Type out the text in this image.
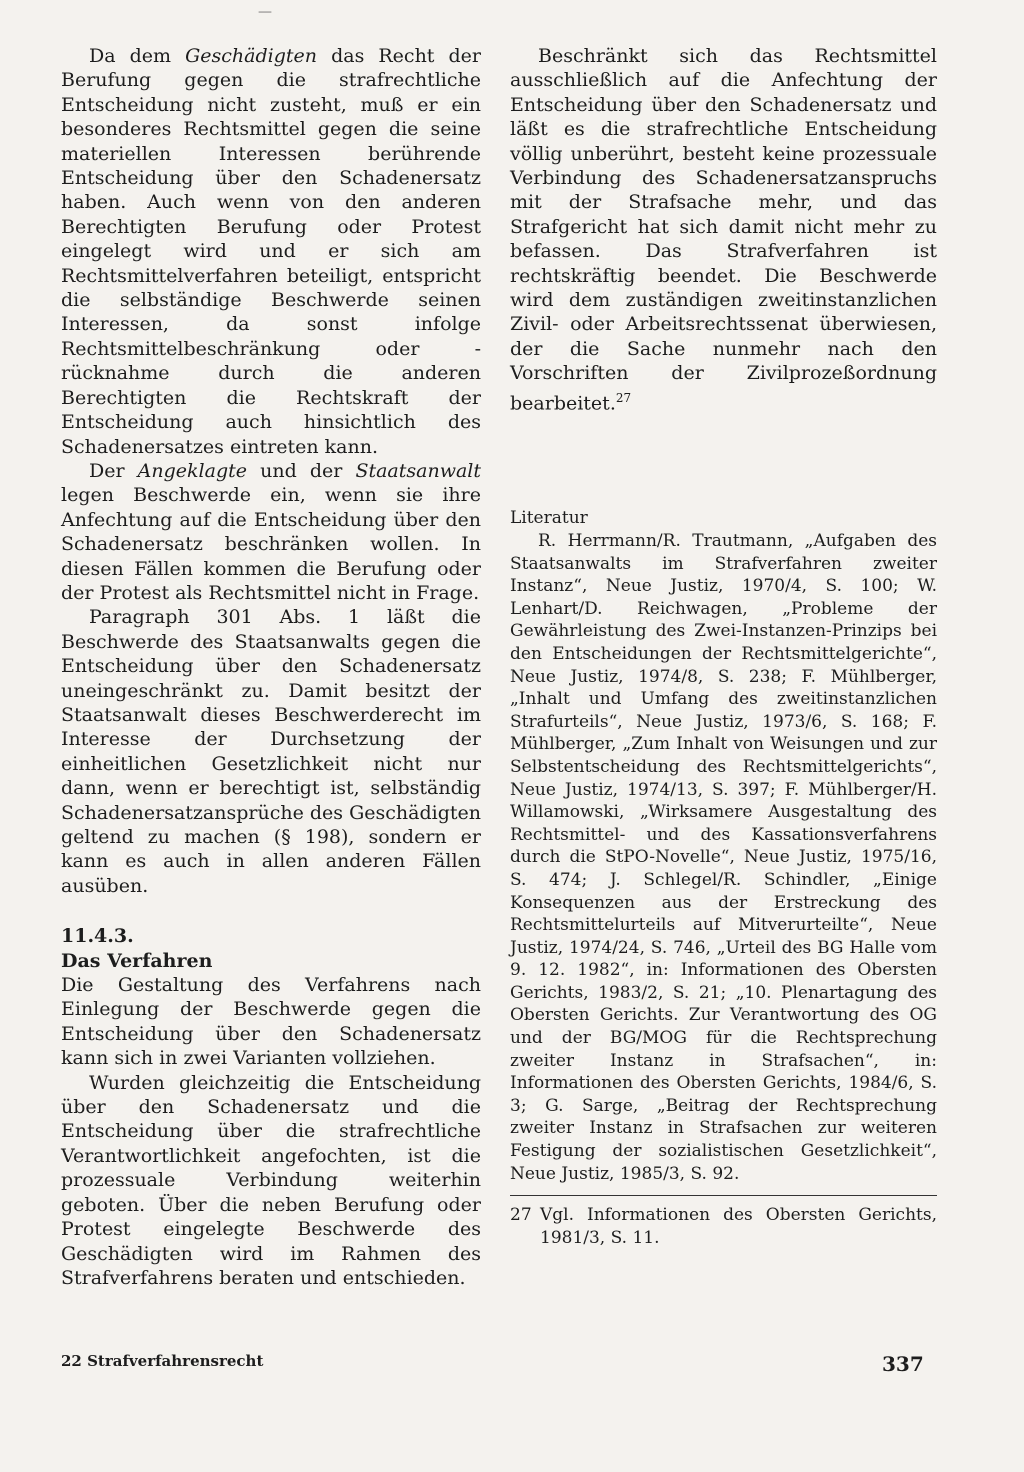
—

Da dem Geschädigten das Recht der Berufung gegen die strafrechtliche Entscheidung nicht zusteht, muß er ein besonderes Rechtsmittel gegen die seine materiellen Interessen berührende Entscheidung über den Schadenersatz haben. Auch wenn von den anderen Berechtigten Berufung oder Protest eingelegt wird und er sich am Rechtsmittelverfahren beteiligt, entspricht die selbständige Beschwerde seinen Interessen, da sonst infolge Rechtsmittelbeschränkung oder -rücknahme durch die anderen Berechtigten die Rechtskraft der Entscheidung auch hinsichtlich des Schadenersatzes eintreten kann.

Der Angeklagte und der Staatsanwalt legen Beschwerde ein, wenn sie ihre Anfechtung auf die Entscheidung über den Schadenersatz beschränken wollen. In diesen Fällen kommen die Berufung oder der Protest als Rechtsmittel nicht in Frage.

Paragraph 301 Abs. 1 läßt die Beschwerde des Staatsanwalts gegen die Entscheidung über den Schadenersatz uneingeschränkt zu. Damit besitzt der Staatsanwalt dieses Beschwerderecht im Interesse der Durchsetzung der einheitlichen Gesetzlichkeit nicht nur dann, wenn er berechtigt ist, selbständig Schadenersatzansprüche des Geschädigten geltend zu machen (§ 198), sondern er kann es auch in allen anderen Fällen ausüben.

11.4.3.
Das Verfahren

Die Gestaltung des Verfahrens nach Einlegung der Beschwerde gegen die Entscheidung über den Schadenersatz kann sich in zwei Varianten vollziehen.

Wurden gleichzeitig die Entscheidung über den Schadenersatz und die Entscheidung über die strafrechtliche Verantwortlichkeit angefochten, ist die prozessuale Verbindung weiterhin geboten. Über die neben Berufung oder Protest eingelegte Beschwerde des Geschädigten wird im Rahmen des Strafverfahrens beraten und entschieden.

Beschränkt sich das Rechtsmittel ausschließlich auf die Anfechtung der Entscheidung über den Schadenersatz und läßt es die strafrechtliche Entscheidung völlig unberührt, besteht keine prozessuale Verbindung des Schadenersatzanspruchs mit der Strafsache mehr, und das Strafgericht hat sich damit nicht mehr zu befassen. Das Strafverfahren ist rechtskräftig beendet. Die Beschwerde wird dem zuständigen zweitinstanzlichen Zivil- oder Arbeitsrechtssenat überwiesen, der die Sache nunmehr nach den Vorschriften der Zivilprozeßordnung bearbeitet.$^{27}$

Literatur

R. Herrmann/R. Trautmann, „Aufgaben des Staatsanwalts im Strafverfahren zweiter Instanz“, Neue Justiz, 1970/4, S. 100; W. Lenhart/D. Reichwagen, „Probleme der Gewährleistung des Zwei-Instanzen-Prinzips bei den Entscheidungen der Rechtsmittelgerichte“, Neue Justiz, 1974/8, S. 238; F. Mühlberger, „Inhalt und Umfang des zweitinstanzlichen Strafurteils“, Neue Justiz, 1973/6, S. 168; F. Mühlberger, „Zum Inhalt von Weisungen und zur Selbstentscheidung des Rechtsmittelgerichts“, Neue Justiz, 1974/13, S. 397; F. Mühlberger/H. Willamowski, „Wirksamere Ausgestaltung des Rechtsmittel- und des Kassationsverfahrens durch die StPO-Novelle“, Neue Justiz, 1975/16, S. 474; J. Schlegel/R. Schindler, „Einige Konsequenzen aus der Erstreckung des Rechtsmittelurteils auf Mitverurteilte“, Neue Justiz, 1974/24, S. 746, „Urteil des BG Halle vom 9. 12. 1982“, in: Informationen des Obersten Gerichts, 1983/2, S. 21; „10. Plenartagung des Obersten Gerichts. Zur Verantwortung des OG und der BG/MOG für die Rechtsprechung zweiter Instanz in Strafsachen“, in: Informationen des Obersten Gerichts, 1984/6, S. 3; G. Sarge, „Beitrag der Rechtsprechung zweiter Instanz in Strafsachen zur weiteren Festigung der sozialistischen Gesetzlichkeit“, Neue Justiz, 1985/3, S. 92.

27 Vgl. Informationen des Obersten Gerichts, 1981/3, S. 11.
22 Strafverfahrensrecht	337
